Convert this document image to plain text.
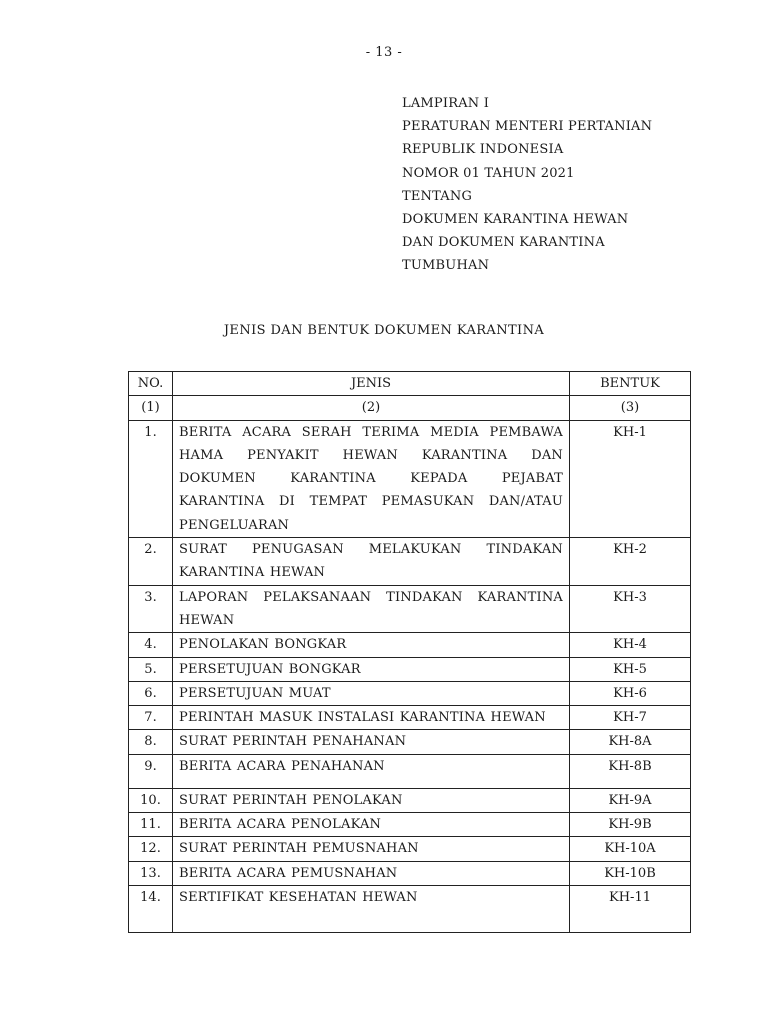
- 13 -
LAMPIRAN I
PERATURAN MENTERI PERTANIAN
REPUBLIK INDONESIA
NOMOR 01 TAHUN 2021
TENTANG
DOKUMEN KARANTINA HEWAN
DAN DOKUMEN KARANTINA
TUMBUHAN
JENIS DAN BENTUK DOKUMEN KARANTINA
NO.	JENIS	BENTUK
(1)	(2)	(3)
1.	BERITA ACARA SERAH TERIMA MEDIA PEMBAWA HAMA PENYAKIT HEWAN KARANTINA DAN DOKUMEN KARANTINA KEPADA PEJABAT KARANTINA DI TEMPAT PEMASUKAN DAN/ATAU PENGELUARAN	KH-1
2.	SURAT PENUGASAN MELAKUKAN TINDAKAN KARANTINA HEWAN	KH-2
3.	LAPORAN PELAKSANAAN TINDAKAN KARANTINA HEWAN	KH-3
4.	PENOLAKAN BONGKAR	KH-4
5.	PERSETUJUAN BONGKAR	KH-5
6.	PERSETUJUAN MUAT	KH-6
7.	PERINTAH MASUK INSTALASI KARANTINA HEWAN	KH-7
8.	SURAT PERINTAH PENAHANAN	KH-8A
9.	BERITA ACARA PENAHANAN	KH-8B
10.	SURAT PERINTAH PENOLAKAN	KH-9A
11.	BERITA ACARA PENOLAKAN	KH-9B
12.	SURAT PERINTAH PEMUSNAHAN	KH-10A
13.	BERITA ACARA PEMUSNAHAN	KH-10B
14.	SERTIFIKAT KESEHATAN HEWAN	KH-11
